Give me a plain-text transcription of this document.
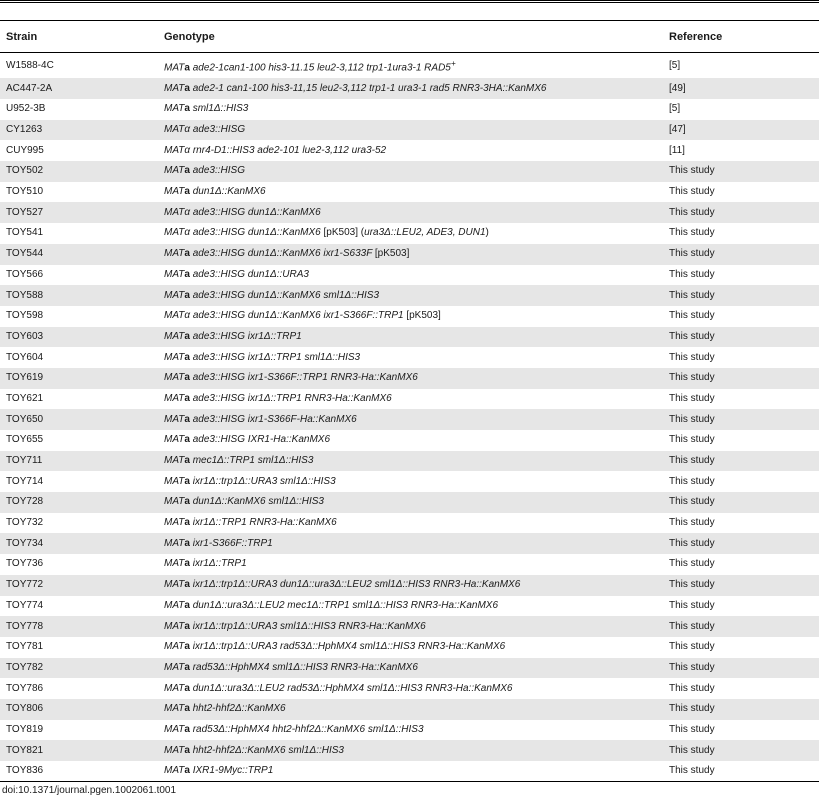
Strain	Genotype	Reference
W1588-4C	MATa ade2-1can1-100 his3-11.15 leu2-3,112 trp1-1ura3-1 RAD5+	[5]
AC447-2A	MATa ade2-1 can1-100 his3-11,15 leu2-3,112 trp1-1 ura3-1 rad5 RNR3-3HA::KanMX6	[49]
U952-3B	MATa sml1Δ::HIS3	[5]
CY1263	MATα ade3::HISG	[47]
CUY995	MATα rnr4-D1::HIS3 ade2-101 lue2-3,112 ura3-52	[11]
TOY502	MATa ade3::HISG	This study
TOY510	MATa dun1Δ::KanMX6	This study
TOY527	MATα ade3::HISG dun1Δ::KanMX6	This study
TOY541	MATα ade3::HISG dun1Δ::KanMX6 [pK503] (ura3Δ::LEU2, ADE3, DUN1)	This study
TOY544	MATa ade3::HISG dun1Δ::KanMX6 ixr1-S633F [pK503]	This study
TOY566	MATa ade3::HISG dun1Δ::URA3	This study
TOY588	MATa ade3::HISG dun1Δ::KanMX6 sml1Δ::HIS3	This study
TOY598	MATα ade3::HISG dun1Δ::KanMX6 ixr1-S366F::TRP1 [pK503]	This study
TOY603	MATa ade3::HISG ixr1Δ::TRP1	This study
TOY604	MATa ade3::HISG ixr1Δ::TRP1 sml1Δ::HIS3	This study
TOY619	MATa ade3::HISG ixr1-S366F::TRP1 RNR3-Ha::KanMX6	This study
TOY621	MATa ade3::HISG ixr1Δ::TRP1 RNR3-Ha::KanMX6	This study
TOY650	MATa ade3::HISG ixr1-S366F-Ha::KanMX6	This study
TOY655	MATa ade3::HISG IXR1-Ha::KanMX6	This study
TOY711	MATa mec1Δ::TRP1 sml1Δ::HIS3	This study
TOY714	MATa ixr1Δ::trp1Δ::URA3 sml1Δ::HIS3	This study
TOY728	MATa dun1Δ::KanMX6 sml1Δ::HIS3	This study
TOY732	MATa ixr1Δ::TRP1 RNR3-Ha::KanMX6	This study
TOY734	MATa ixr1-S366F::TRP1	This study
TOY736	MATa ixr1Δ::TRP1	This study
TOY772	MATa ixr1Δ::trp1Δ::URA3 dun1Δ::ura3Δ::LEU2 sml1Δ::HIS3 RNR3-Ha::KanMX6	This study
TOY774	MATa dun1Δ::ura3Δ::LEU2 mec1Δ::TRP1 sml1Δ::HIS3 RNR3-Ha::KanMX6	This study
TOY778	MATa ixr1Δ::trp1Δ::URA3 sml1Δ::HIS3 RNR3-Ha::KanMX6	This study
TOY781	MATa ixr1Δ::trp1Δ::URA3 rad53Δ::HphMX4 sml1Δ::HIS3 RNR3-Ha::KanMX6	This study
TOY782	MATa rad53Δ::HphMX4 sml1Δ::HIS3 RNR3-Ha::KanMX6	This study
TOY786	MATa dun1Δ::ura3Δ::LEU2 rad53Δ::HphMX4 sml1Δ::HIS3 RNR3-Ha::KanMX6	This study
TOY806	MATa hht2-hhf2Δ::KanMX6	This study
TOY819	MATa rad53Δ::HphMX4 hht2-hhf2Δ::KanMX6 sml1Δ::HIS3	This study
TOY821	MATa hht2-hhf2Δ::KanMX6 sml1Δ::HIS3	This study
TOY836	MATa IXR1-9Myc::TRP1	This study
doi:10.1371/journal.pgen.1002061.t001
